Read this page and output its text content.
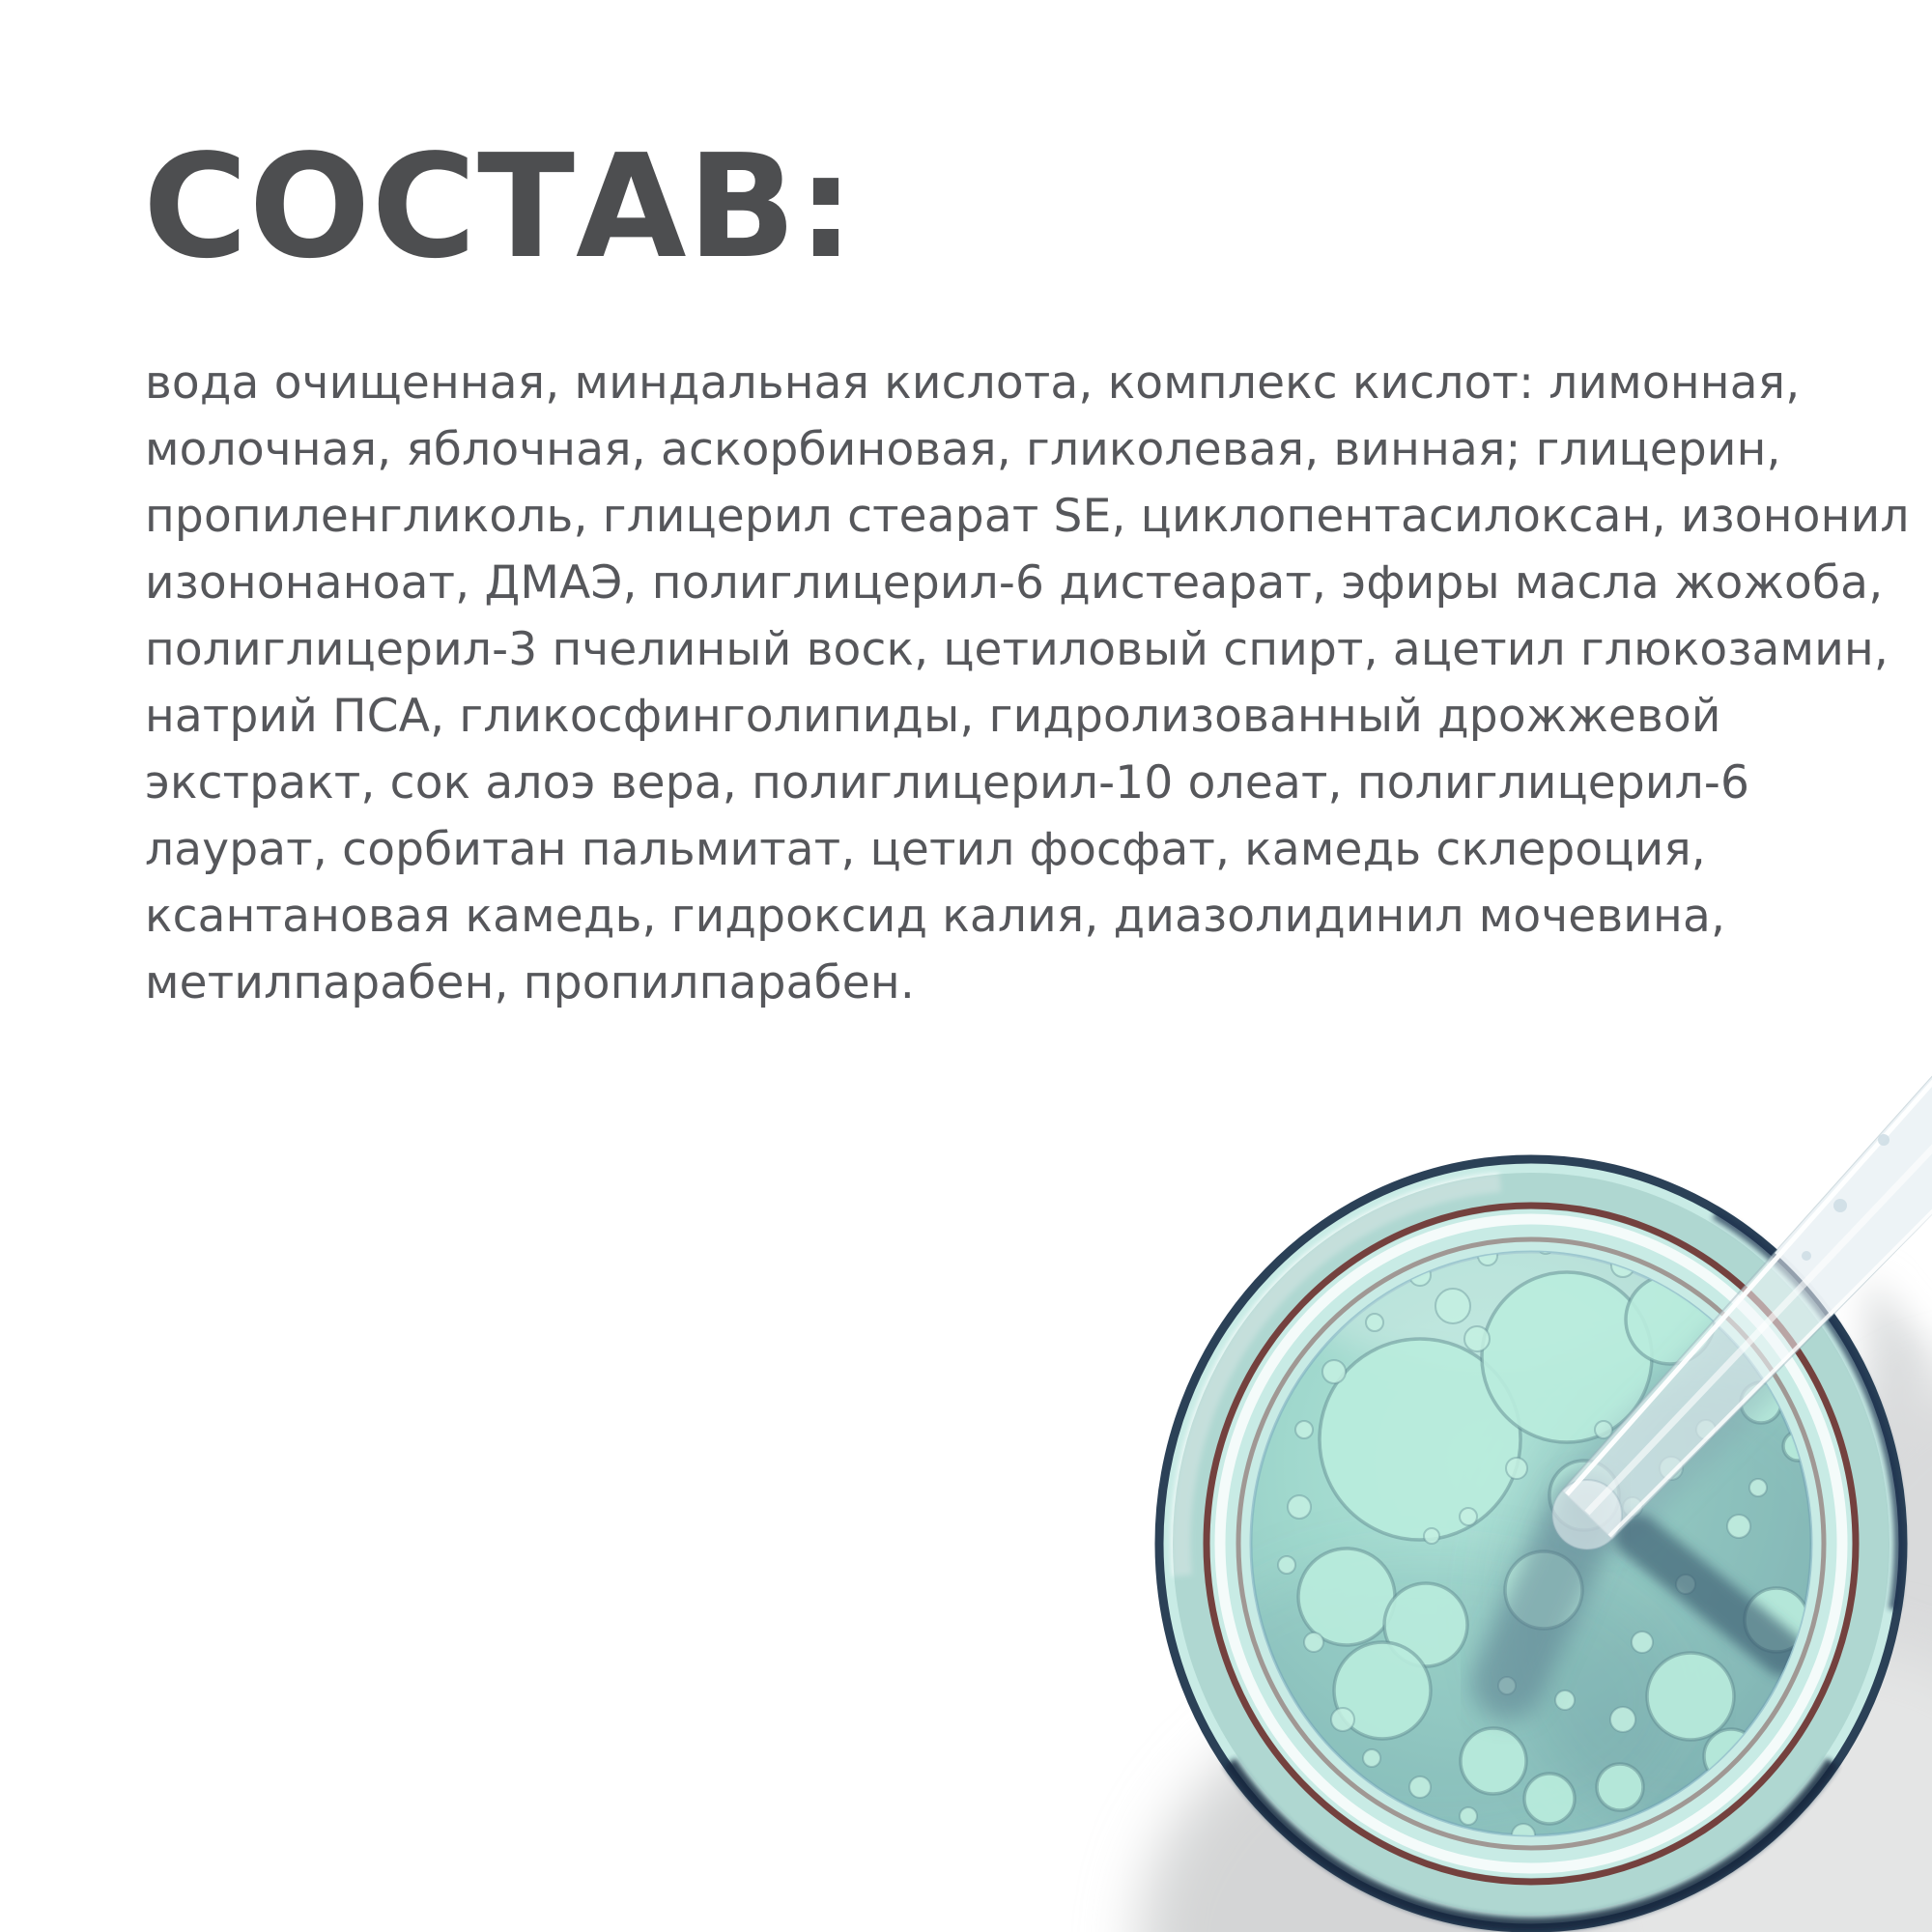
СОСТАВ:
вода очищенная, миндальная кислота, комплекс кислот: лимонная,
молочная, яблочная, аскорбиновая, гликолевая, винная; глицерин,
пропиленгликоль, глицерил стеарат SE, циклопентасилоксан, изононил
изононаноат, ДМАЭ, полиглицерил-6 дистеарат, эфиры масла жожоба,
полиглицерил-3 пчелиный воск, цетиловый спирт, ацетил глюкозамин,
натрий ПСА, гликосфинголипиды, гидролизованный дрожжевой
экстракт, сок алоэ вера, полиглицерил-10 олеат, полиглицерил-6
лаурат, сорбитан пальмитат, цетил фосфат, камедь склероция,
ксантановая камедь, гидроксид калия, диазолидинил мочевина,
метилпарабен, пропилпарабен.
